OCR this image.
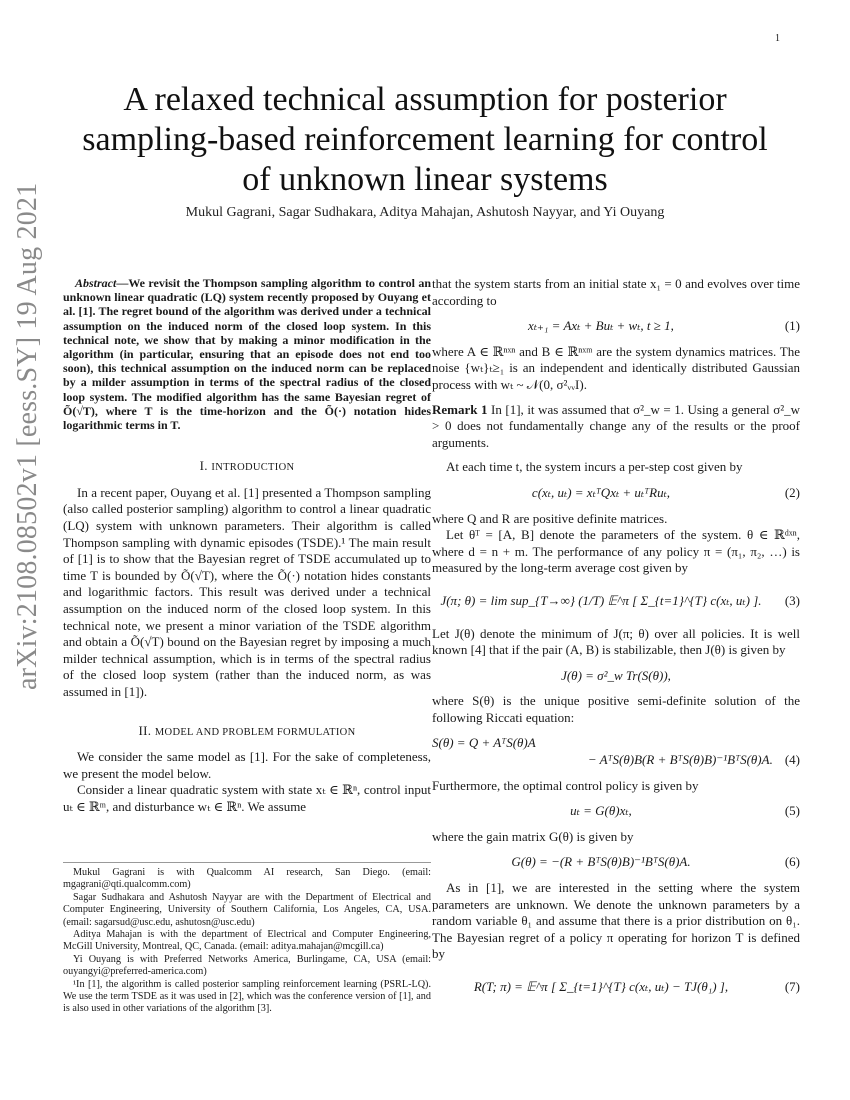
1
arXiv:2108.08502v1 [eess.SY] 19 Aug 2021
A relaxed technical assumption for posterior
sampling-based reinforcement learning for control
of unknown linear systems
Mukul Gagrani, Sagar Sudhakara, Aditya Mahajan, Ashutosh Nayyar, and Yi Ouyang

Abstract—We revisit the Thompson sampling algorithm to control an unknown linear quadratic (LQ) system recently proposed by Ouyang et al. [1]. The regret bound of the algorithm was derived under a technical assumption on the induced norm of the closed loop system. In this technical note, we show that by making a minor modification in the algorithm (in particular, ensuring that an episode does not end too soon), this technical assumption on the induced norm can be replaced by a milder assumption in terms of the spectral radius of the closed loop system. The modified algorithm has the same Bayesian regret of Õ(√T), where T is the time-horizon and the Õ(·) notation hides logarithmic terms in T.

I. INTRODUCTION

In a recent paper, Ouyang et al. [1] presented a Thompson sampling (also called posterior sampling) algorithm to control a linear quadratic (LQ) system with unknown parameters. Their algorithm is called Thompson sampling with dynamic episodes (TSDE).¹ The main result of [1] is to show that the Bayesian regret of TSDE accumulated up to time T is bounded by Õ(√T), where the Õ(·) notation hides constants and logarithmic factors. This result was derived under a technical assumption on the induced norm of the closed loop system. In this technical note, we present a minor variation of the TSDE algorithm and obtain a Õ(√T) bound on the Bayesian regret by imposing a much milder technical assumption, which is in terms of the spectral radius of the closed loop system (rather than the induced norm, as was assumed in [1]).

II. MODEL AND PROBLEM FORMULATION

We consider the same model as [1]. For the sake of completeness, we present the model below.

Consider a linear quadratic system with state xₜ ∈ ℝⁿ, control input uₜ ∈ ℝᵐ, and disturbance wₜ ∈ ℝⁿ. We assume

Mukul Gagrani is with Qualcomm AI research, San Diego. (email: mgagrani@qti.qualcomm.com)

Sagar Sudhakara and Ashutosh Nayyar are with the Department of Electrical and Computer Engineering, University of Southern California, Los Angeles, CA, USA. (email: sagarsud@usc.edu, ashutosn@usc.edu)

Aditya Mahajan is with the department of Electrical and Computer Engineering, McGill University, Montreal, QC, Canada. (email: aditya.mahajan@mcgill.ca)

Yi Ouyang is with Preferred Networks America, Burlingame, CA, USA (email: ouyangyi@preferred-america.com)

¹In [1], the algorithm is called posterior sampling reinforcement learning (PSRL-LQ). We use the term TSDE as it was used in [2], which was the conference version of [1], and is also used in other variations of the algorithm [3].

that the system starts from an initial state x₁ = 0 and evolves over time according to

xₜ₊₁ = Axₜ + Buₜ + wₜ, t ≥ 1,	(1)

where A ∈ ℝⁿˣⁿ and B ∈ ℝⁿˣᵐ are the system dynamics matrices. The noise {wₜ}ₜ≥₁ is an independent and identically distributed Gaussian process with wₜ ~ 𝒩(0, σ²ᵥᵥI).

Remark 1 In [1], it was assumed that σ²_w = 1. Using a general σ²_w > 0 does not fundamentally change any of the results or the proof arguments.

At each time t, the system incurs a per-step cost given by

c(xₜ, uₜ) = xₜᵀQxₜ + uₜᵀRuₜ,	(2)

where Q and R are positive definite matrices.

Let θᵀ = [A, B] denote the parameters of the system. θ ∈ ℝᵈˣⁿ, where d = n + m. The performance of any policy π = (π₁, π₂, …) is measured by the long-term average cost given by

J(π; θ) = lim sup_{T→∞} (1/T) 𝔼^π [ Σ_{t=1}^{T} c(xₜ, uₜ) ].	(3)

Let J(θ) denote the minimum of J(π; θ) over all policies. It is well known [4] that if the pair (A, B) is stabilizable, then J(θ) is given by

J(θ) = σ²_w Tr(S(θ)),

where S(θ) is the unique positive semi-definite solution of the following Riccati equation:

S(θ) = Q + AᵀS(θ)A
− AᵀS(θ)B(R + BᵀS(θ)B)⁻¹BᵀS(θ)A. (4)

Furthermore, the optimal control policy is given by

uₜ = G(θ)xₜ,	(5)

where the gain matrix G(θ) is given by

G(θ) = −(R + BᵀS(θ)B)⁻¹BᵀS(θ)A.	(6)

As in [1], we are interested in the setting where the system parameters are unknown. We denote the unknown parameters by a random variable θ₁ and assume that there is a prior distribution on θ₁. The Bayesian regret of a policy π operating for horizon T is defined by

R(T; π) = 𝔼^π [ Σ_{t=1}^{T} c(xₜ, uₜ) − TJ(θ₁) ],	(7)
